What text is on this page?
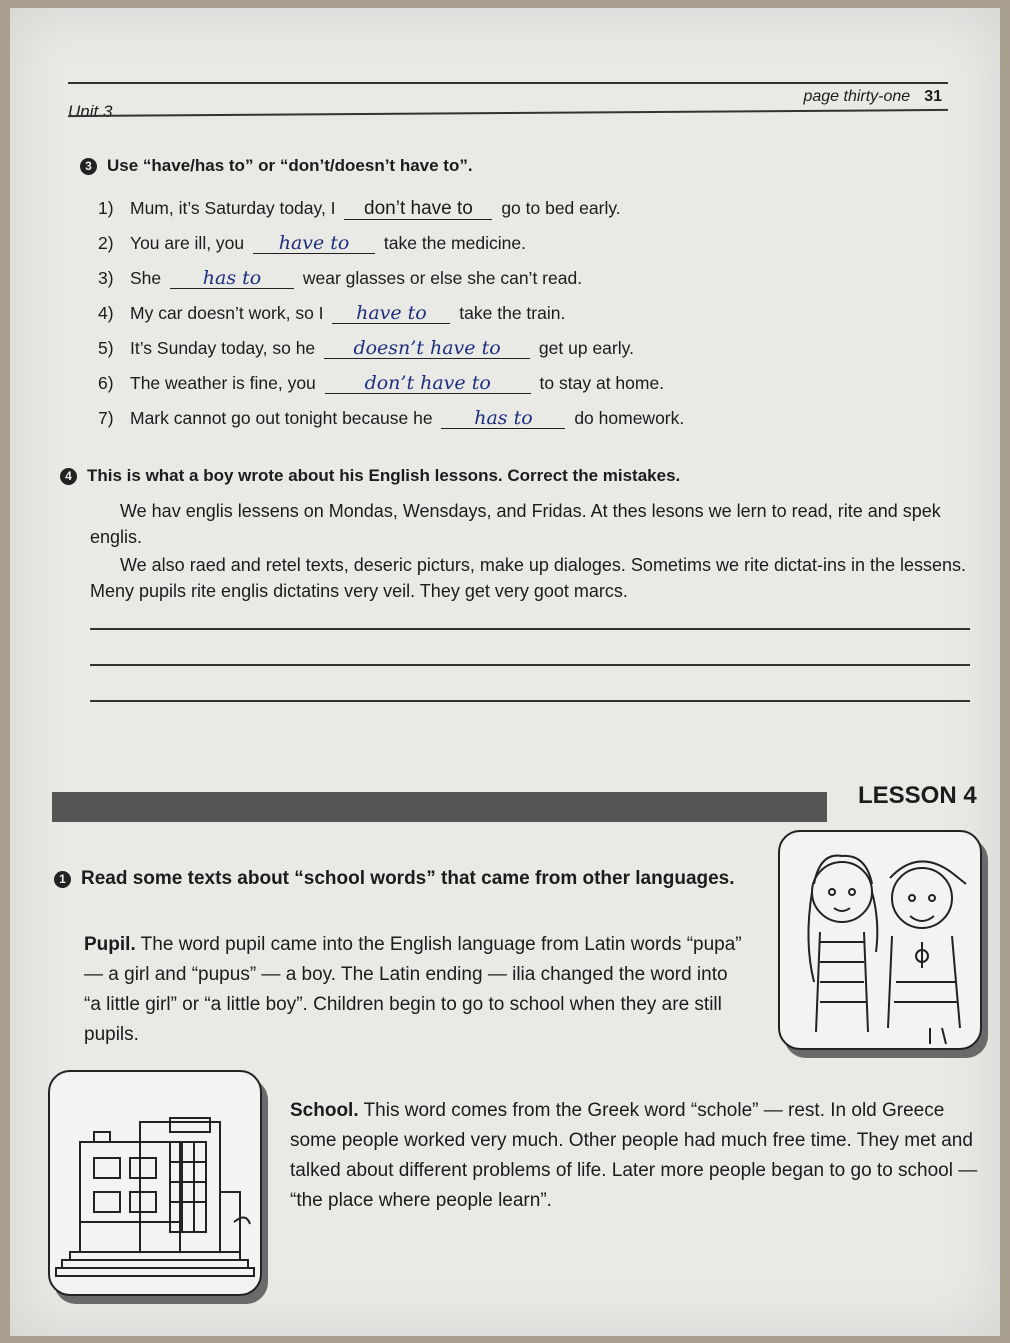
page thirty-one 31
Unit 3
3 Use “have/has to” or “don’t/doesn’t have to”.
1) Mum, it’s Saturday today, I don’t have to go to bed early.
2) You are ill, you have to take the medicine.
3) She has to wear glasses or else she can’t read.
4) My car doesn’t work, so I have to take the train.
5) It’s Sunday today, so he doesn’t have to get up early.
6) The weather is fine, you	don’t have to	to stay at home.
7) Mark cannot go out tonight because he has to do homework.
4 This is what a boy wrote about his English lessons. Correct the mistakes.
We hav englis lessens on Mondas, Wensdays, and Fridas. At thes lesons we lern to read, rite and spek englis.
We also raed and retel texts, deseric picturs, make up dialoges. Sometims we rite dictat-ins in the lessens. Meny pupils rite englis dictatins very veil. They get very goot marcs.
LESSON 4
1 Read some texts about “school words” that came from other languages.
Pupil. The word pupil came into the English language from Latin words “pupa” — a girl and “pupus” — a boy. The Latin ending — ilia changed the word into “a little girl” or “a little boy”. Children begin to go to school when they are still pupils.
School. This word comes from the Greek word “schole” — rest. In old Greece some people worked very much. Other people had much free time. They met and talked about different problems of life. Later more people began to go to school — “the place where people learn”.
